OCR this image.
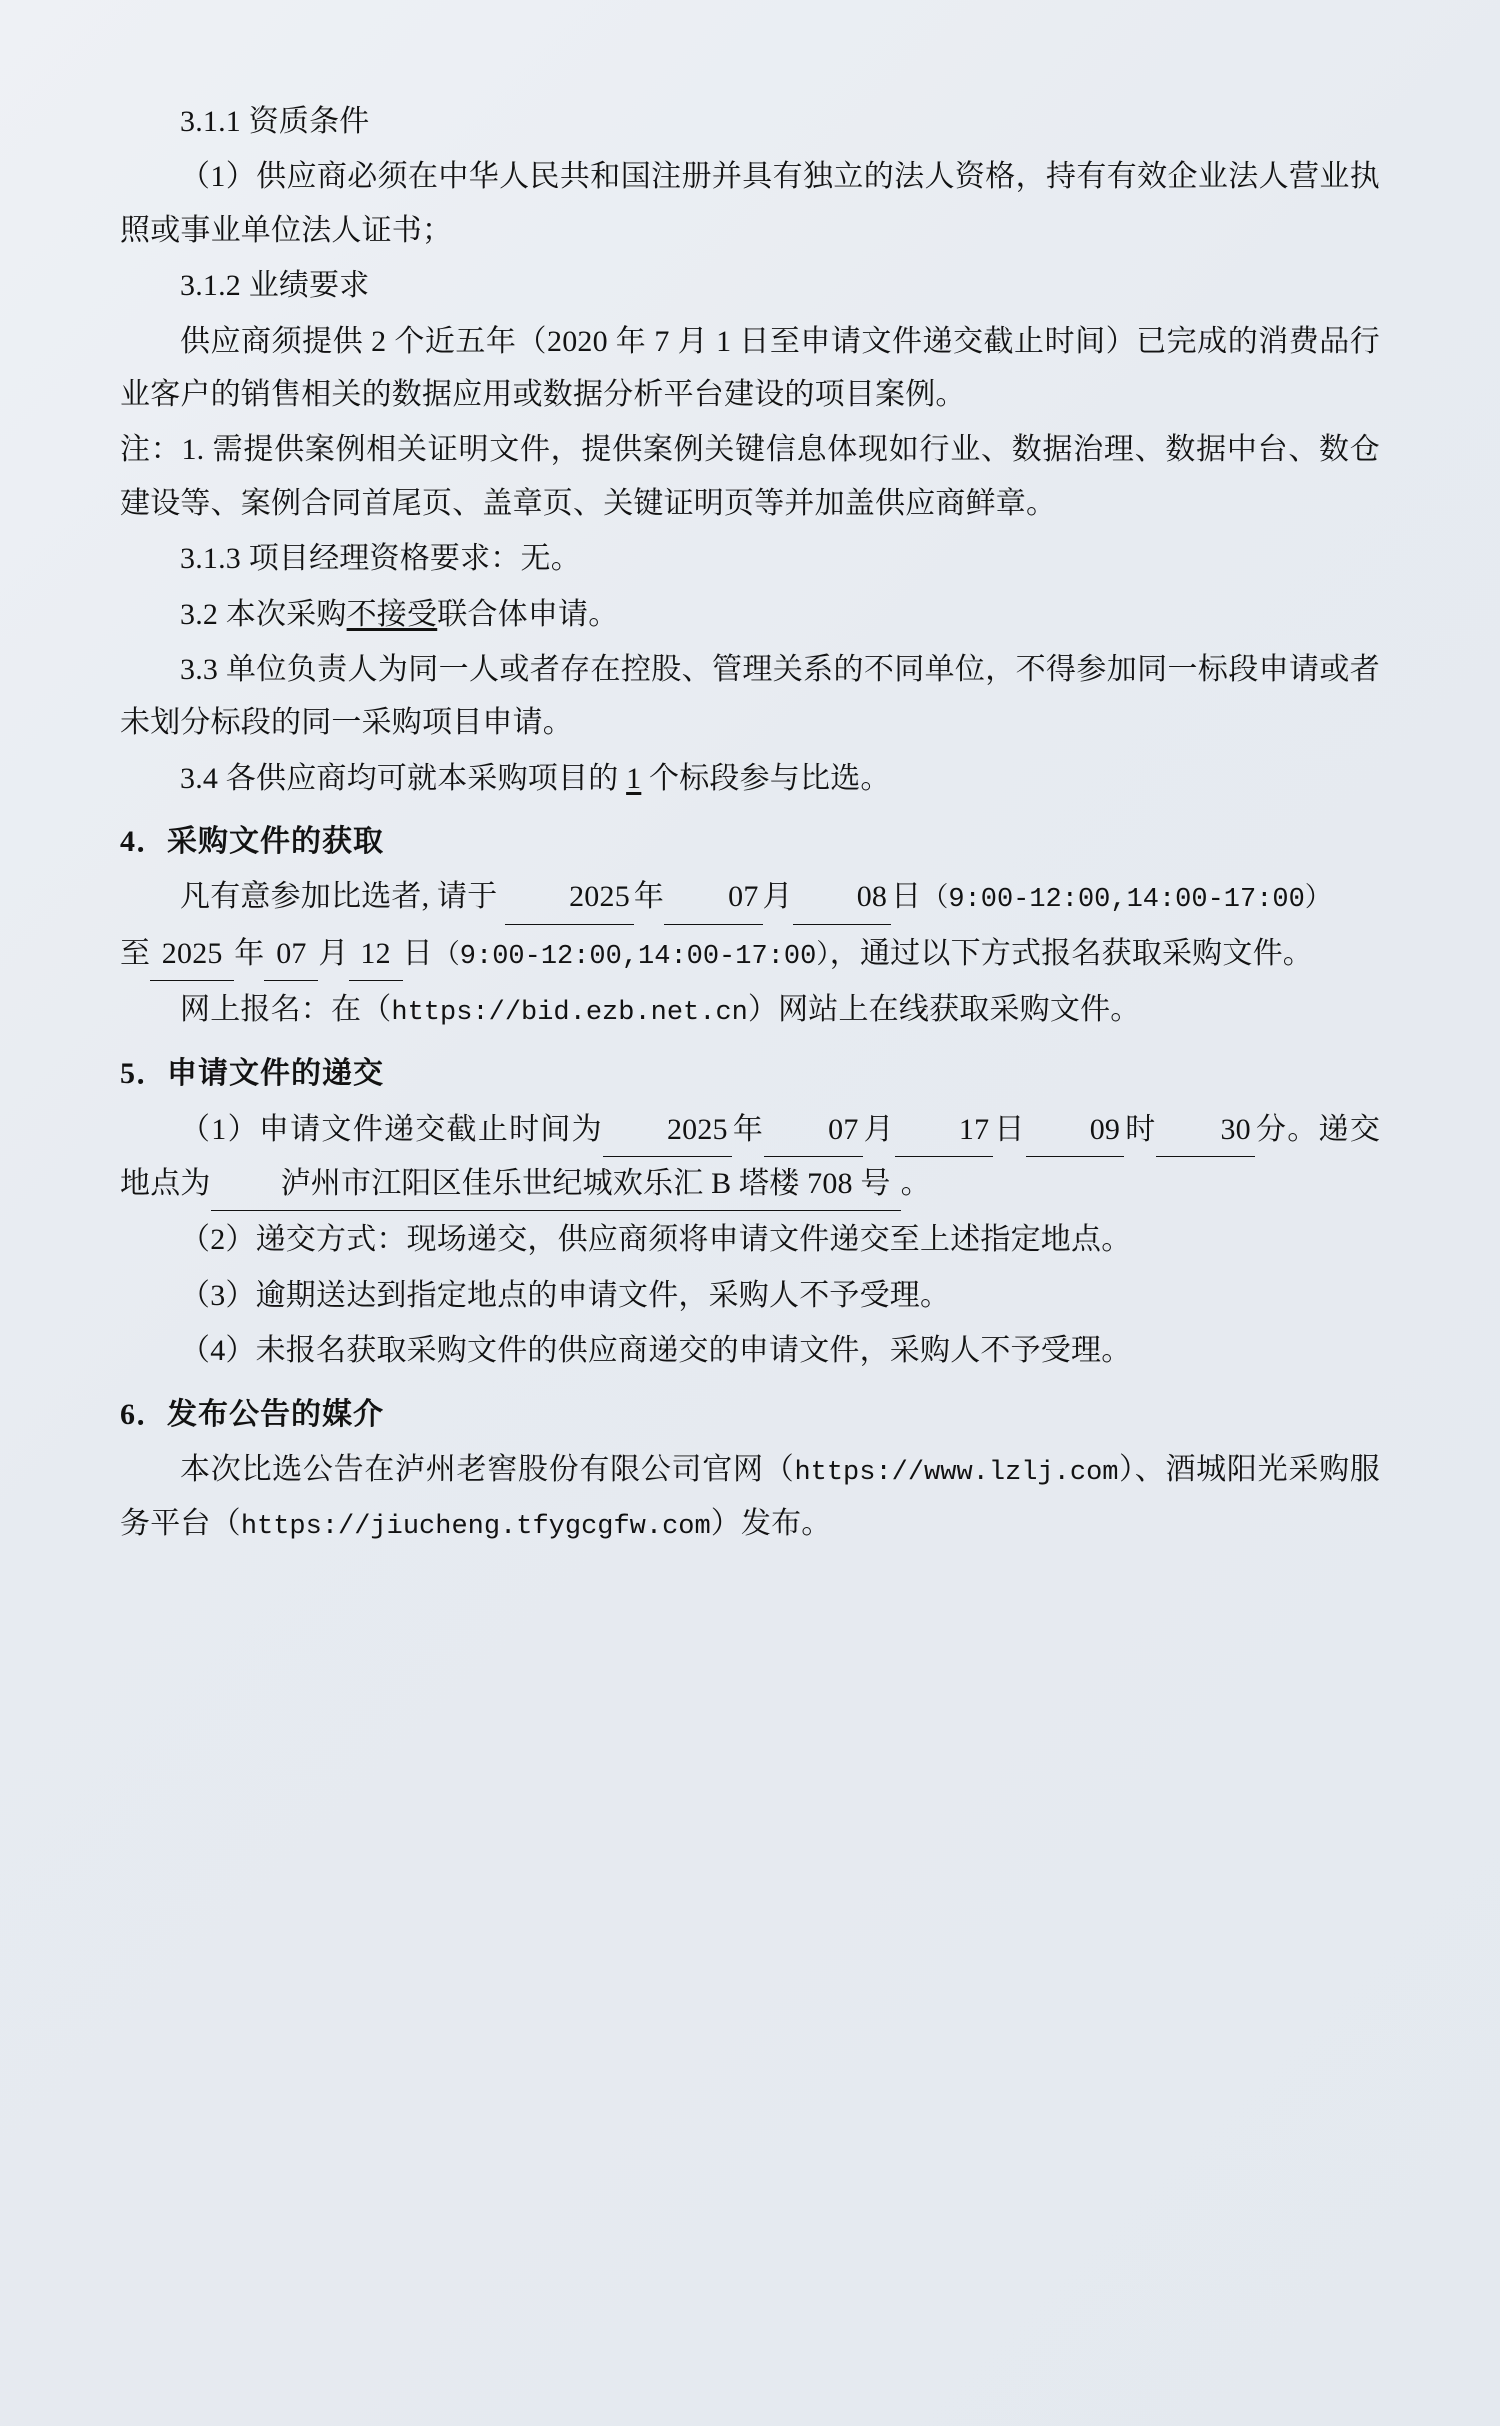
3.1.1 资质条件

（1）供应商必须在中华人民共和国注册并具有独立的法人资格，持有有效企业法人营业执照或事业单位法人证书；

3.1.2 业绩要求

供应商须提供 2 个近五年（2020 年 7 月 1 日至申请文件递交截止时间）已完成的消费品行业客户的销售相关的数据应用或数据分析平台建设的项目案例。

注：1. 需提供案例相关证明文件，提供案例关键信息体现如行业、数据治理、数据中台、数仓建设等、案例合同首尾页、盖章页、关键证明页等并加盖供应商鲜章。

3.1.3 项目经理资格要求：无。

3.2 本次采购不接受联合体申请。

3.3 单位负责人为同一人或者存在控股、管理关系的不同单位，不得参加同一标段申请或者未划分标段的同一采购项目申请。

3.4 各供应商均可就本采购项目的 1 个标段参与比选。

4．采购文件的获取

凡有意参加比选者, 请于 2025 年 07 月 08 日（9:00-12:00,14:00-17:00）

至 2025 年 07 月 12 日（9:00-12:00,14:00-17:00），通过以下方式报名获取采购文件。

网上报名：在（https://bid.ezb.net.cn）网站上在线获取采购文件。

5．申请文件的递交

（1）申请文件递交截止时间为 2025 年 07 月 17 日 09 时 30 分。递交地点为 泸州市江阳区佳乐世纪城欢乐汇 B 塔楼 708 号 。

（2）递交方式：现场递交，供应商须将申请文件递交至上述指定地点。

（3）逾期送达到指定地点的申请文件，采购人不予受理。

（4）未报名获取采购文件的供应商递交的申请文件，采购人不予受理。

6．发布公告的媒介

本次比选公告在泸州老窖股份有限公司官网（https://www.lzlj.com）、酒城阳光采购服务平台（https://jiucheng.tfygcgfw.com）发布。
